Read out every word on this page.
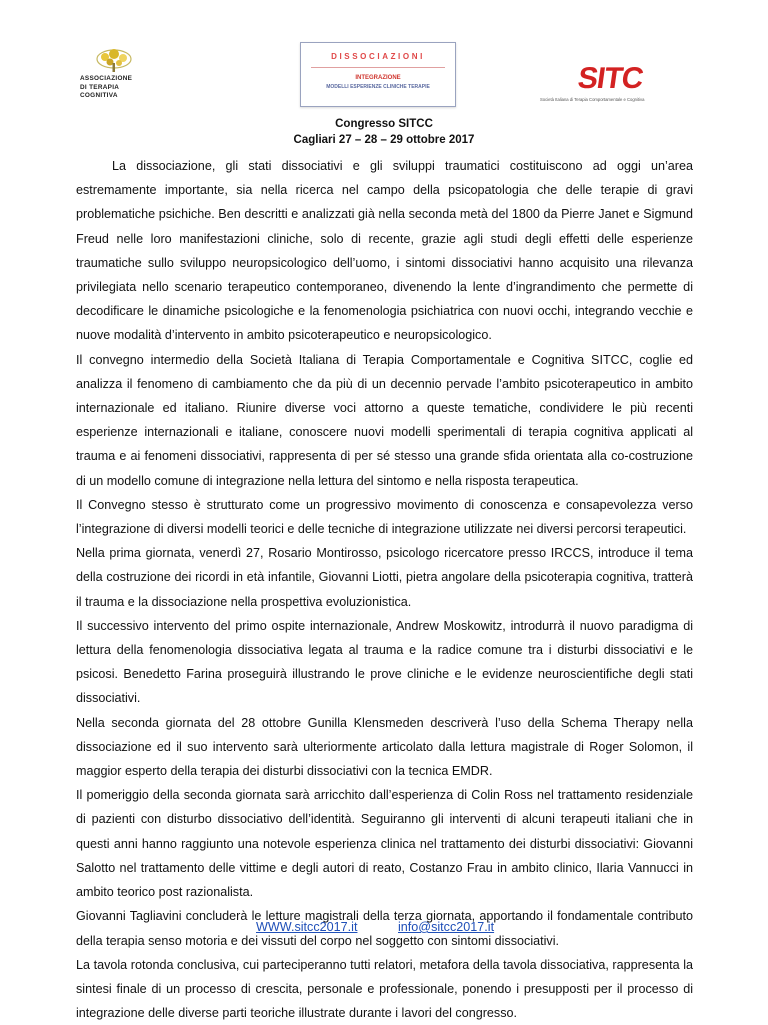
ASSOCIAZIONE
DI TERAPIA
COGNITIVA
DISSOCIAZIONI
INTEGRAZIONE
MODELLI ESPERIENZE CLINICHE TERAPIE	SITC
Società Italiana di Terapia Comportamentale e Cognitiva
Congresso SITCC
Cagliari 27 – 28 – 29 ottobre 2017

La dissociazione, gli stati dissociativi e gli sviluppi traumatici costituiscono ad oggi un’area estremamente importante, sia nella ricerca nel campo della psicopatologia che delle terapie di gravi problematiche psichiche. Ben descritti e analizzati già nella seconda metà del 1800 da Pierre Janet e Sigmund Freud nelle loro manifestazioni cliniche, solo di recente, grazie agli studi degli effetti delle esperienze traumatiche sullo sviluppo neuropsicologico dell’uomo, i sintomi dissociativi hanno acquisito una rilevanza privilegiata nello scenario terapeutico contemporaneo, divenendo la lente d’ingrandimento che permette di decodificare le dinamiche psicologiche e la fenomenologia psichiatrica con nuovi occhi, integrando vecchie e nuove modalità d’intervento in ambito psicoterapeutico e neuropsicologico.

Il convegno intermedio della Società Italiana di Terapia Comportamentale e Cognitiva SITCC, coglie ed analizza il fenomeno di cambiamento che da più di un decennio pervade l’ambito psicoterapeutico in ambito internazionale ed italiano. Riunire diverse voci attorno a queste tematiche, condividere le più recenti esperienze internazionali e italiane, conoscere nuovi modelli sperimentali di terapia cognitiva applicati al trauma e ai fenomeni dissociativi, rappresenta di per sé stesso una grande sfida orientata alla co-costruzione di un modello comune di integrazione nella lettura del sintomo e nella risposta terapeutica.

Il Convegno stesso è strutturato come un progressivo movimento di conoscenza e consapevolezza verso l’integrazione di diversi modelli teorici e delle tecniche di integrazione utilizzate nei diversi percorsi terapeutici.

Nella prima giornata, venerdì 27, Rosario Montirosso, psicologo ricercatore presso IRCCS, introduce il tema della costruzione dei ricordi in età infantile, Giovanni Liotti, pietra angolare della psicoterapia cognitiva, tratterà il trauma e la dissociazione nella prospettiva evoluzionistica.

Il successivo intervento del primo ospite internazionale, Andrew Moskowitz, introdurrà il nuovo paradigma di lettura della fenomenologia dissociativa legata al trauma e la radice comune tra i disturbi dissociativi e le psicosi. Benedetto Farina proseguirà illustrando le prove cliniche e le evidenze neuroscientifiche degli stati dissociativi.

Nella seconda giornata del 28 ottobre Gunilla Klensmeden descriverà l’uso della Schema Therapy nella dissociazione ed il suo intervento sarà ulteriormente articolato dalla lettura magistrale di Roger Solomon, il maggior esperto della terapia dei disturbi dissociativi con la tecnica EMDR.

Il pomeriggio della seconda giornata sarà arricchito dall’esperienza di Colin Ross nel trattamento residenziale di pazienti con disturbo dissociativo dell’identità. Seguiranno gli interventi di alcuni terapeuti italiani che in questi anni hanno raggiunto una notevole esperienza clinica nel trattamento dei disturbi dissociativi: Giovanni Salotto nel trattamento delle vittime e degli autori di reato, Costanzo Frau in ambito clinico, Ilaria Vannucci in ambito teorico post razionalista.

Giovanni Tagliavini concluderà le letture magistrali della terza giornata, apportando il fondamentale contributo della terapia senso motoria e dei vissuti del corpo nel soggetto con sintomi dissociativi.

La tavola rotonda conclusiva, cui parteciperanno tutti relatori, metafora della tavola dissociativa, rappresenta la sintesi finale di un processo di crescita, personale e professionale, ponendo i presupposti per il processo di integrazione delle diverse parti teoriche illustrate durante i lavori del congresso.

WWW.sitcc2017.it	info@sitcc2017.it
